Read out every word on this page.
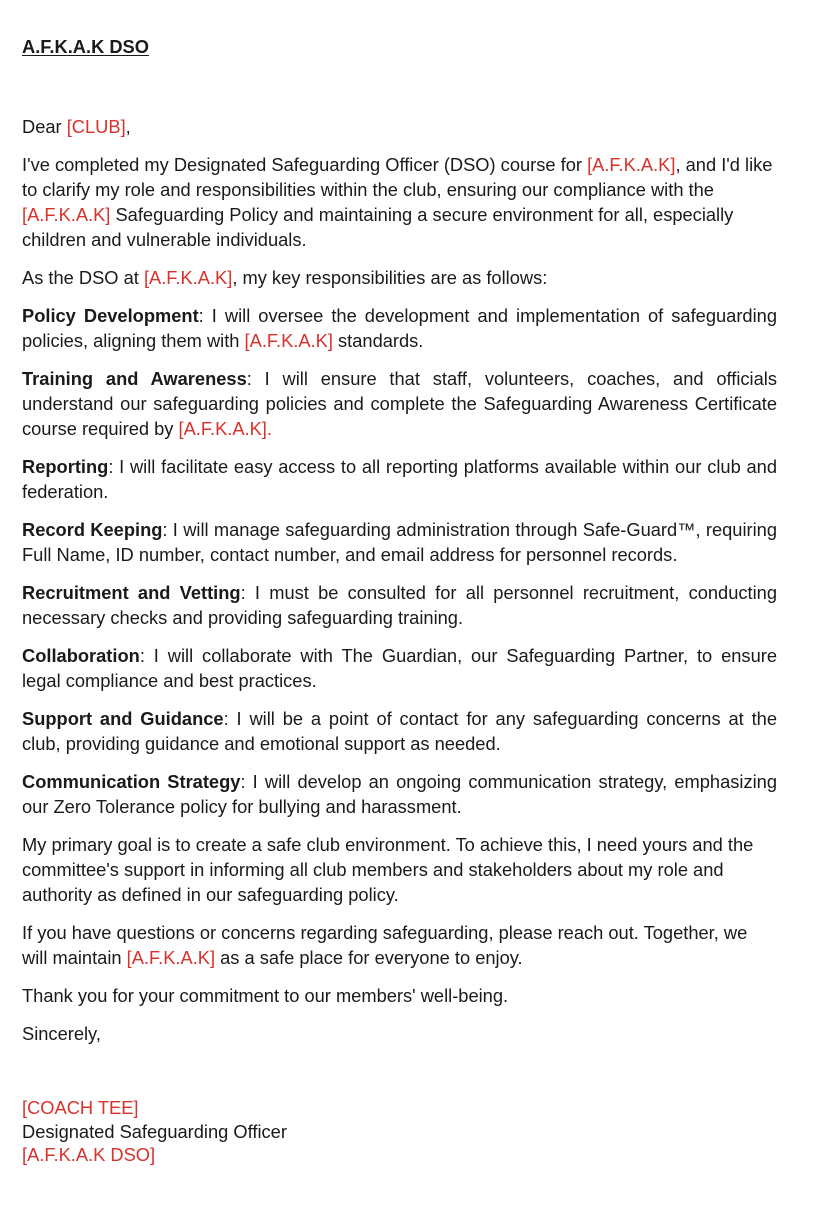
A.F.K.A.K DSO

Dear [CLUB],

I've completed my Designated Safeguarding Officer (DSO) course for [A.F.K.A.K], and I'd like to clarify my role and responsibilities within the club, ensuring our compliance with the [A.F.K.A.K] Safeguarding Policy and maintaining a secure environment for all, especially children and vulnerable individuals.

As the DSO at [A.F.K.A.K], my key responsibilities are as follows:

Policy Development: I will oversee the development and implementation of safeguarding policies, aligning them with [A.F.K.A.K] standards.

Training and Awareness: I will ensure that staff, volunteers, coaches, and officials understand our safeguarding policies and complete the Safeguarding Awareness Certificate course required by [A.F.K.A.K].

Reporting: I will facilitate easy access to all reporting platforms available within our club and federation.

Record Keeping: I will manage safeguarding administration through Safe-Guard™, requiring Full Name, ID number, contact number, and email address for personnel records.

Recruitment and Vetting: I must be consulted for all personnel recruitment, conducting necessary checks and providing safeguarding training.

Collaboration: I will collaborate with The Guardian, our Safeguarding Partner, to ensure legal compliance and best practices.

Support and Guidance: I will be a point of contact for any safeguarding concerns at the club, providing guidance and emotional support as needed.

Communication Strategy: I will develop an ongoing communication strategy, emphasizing our Zero Tolerance policy for bullying and harassment.

My primary goal is to create a safe club environment. To achieve this, I need yours and the committee's support in informing all club members and stakeholders about my role and authority as defined in our safeguarding policy.

If you have questions or concerns regarding safeguarding, please reach out. Together, we will maintain [A.F.K.A.K] as a safe place for everyone to enjoy.

Thank you for your commitment to our members' well-being.

Sincerely,

[COACH TEE]

Designated Safeguarding Officer

[A.F.K.A.K DSO]
